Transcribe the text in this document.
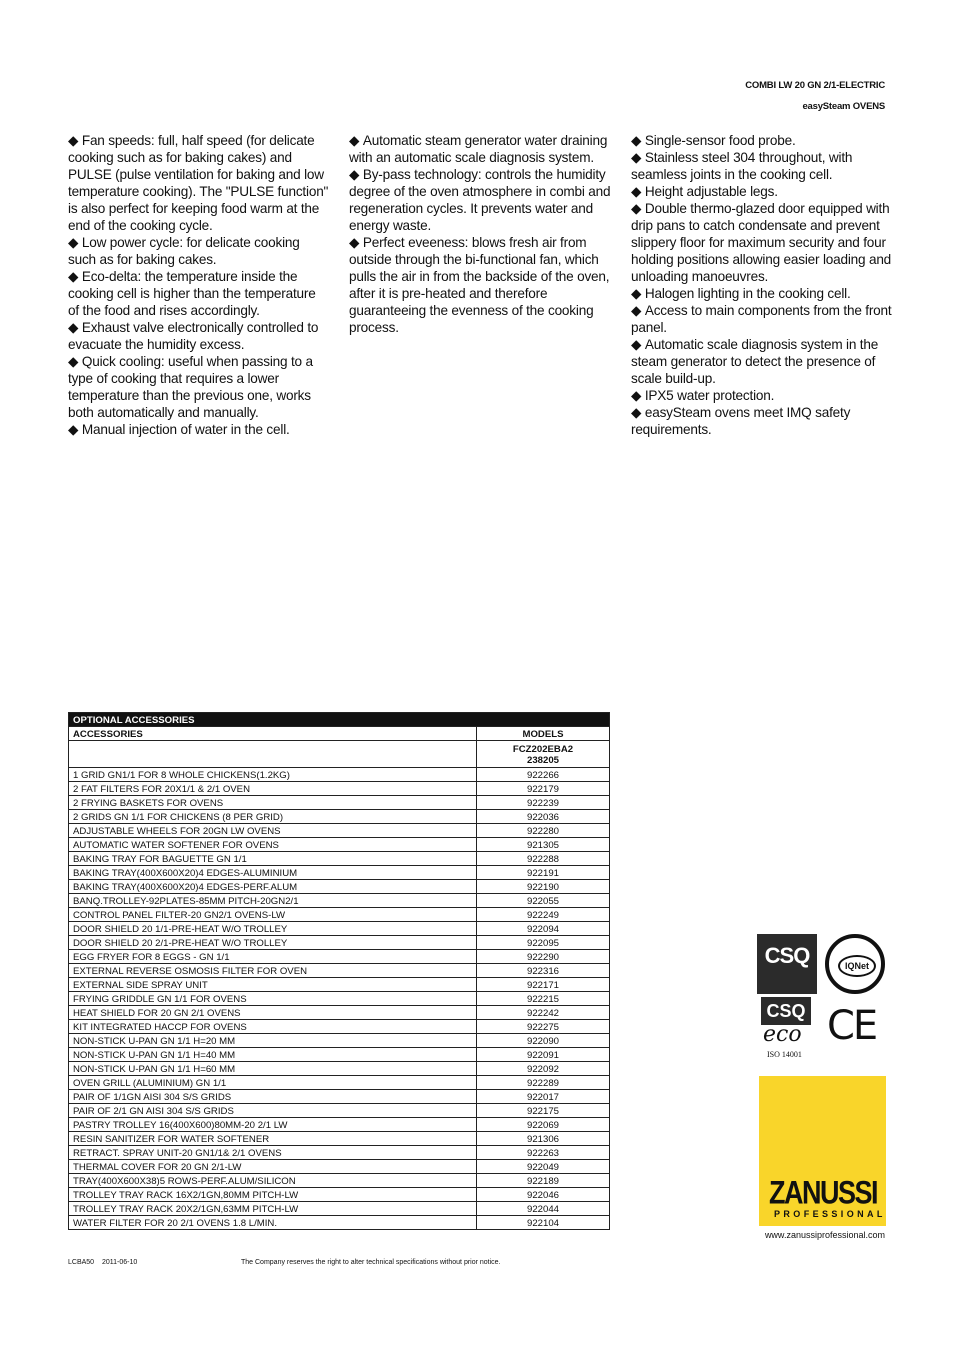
COMBI LW 20 GN 2/1-ELECTRIC
easySteam OVENS

◆ Fan speeds: full, half speed (for delicate cooking such as for baking cakes) and PULSE (pulse ventilation for baking and low temperature cooking). The "PULSE function" is also perfect for keeping food warm at the end of the cooking cycle.

◆ Low power cycle: for delicate cooking such as for baking cakes.

◆ Eco-delta: the temperature inside the cooking cell is higher than the temperature of the food and rises accordingly.

◆ Exhaust valve electronically controlled to evacuate the humidity excess.

◆ Quick cooling: useful when passing to a type of cooking that requires a lower temperature than the previous one, works both automatically and manually.

◆ Manual injection of water in the cell.

◆ Automatic steam generator water draining with an automatic scale diagnosis system.

◆ By-pass technology: controls the humidity degree of the oven atmosphere in combi and regeneration cycles. It prevents water and energy waste.

◆ Perfect eveeness: blows fresh air from outside through the bi-functional fan, which pulls the air in from the backside of the oven, after it is pre-heated and therefore guaranteeing the evenness of the cooking process.

◆ Single-sensor food probe.

◆ Stainless steel 304 throughout, with seamless joints in the cooking cell.

◆ Height adjustable legs.

◆ Double thermo-glazed door equipped with drip pans to catch condensate and prevent slippery floor for maximum security and four holding positions allowing easier loading and unloading manoeuvres.

◆ Halogen lighting in the cooking cell.

◆ Access to main components from the front panel.

◆ Automatic scale diagnosis system in the steam generator to detect the presence of scale build-up.

◆ IPX5 water protection.

◆ easySteam ovens meet IMQ safety requirements.

OPTIONAL ACCESSORIES	
ACCESSORIES	MODELS
	FCZ202EBA2
238205
1 GRID GN1/1 FOR 8 WHOLE CHICKENS(1.2KG)	922266
2 FAT FILTERS FOR 20X1/1 & 2/1 OVEN	922179
2 FRYING BASKETS FOR OVENS	922239
2 GRIDS GN 1/1 FOR CHICKENS (8 PER GRID)	922036
ADJUSTABLE WHEELS FOR 20GN LW OVENS	922280
AUTOMATIC WATER SOFTENER FOR OVENS	921305
BAKING TRAY FOR BAGUETTE GN 1/1	922288
BAKING TRAY(400X600X20)4 EDGES-ALUMINIUM	922191
BAKING TRAY(400X600X20)4 EDGES-PERF.ALUM	922190
BANQ.TROLLEY-92PLATES-85MM PITCH-20GN2/1	922055
CONTROL PANEL FILTER-20 GN2/1 OVENS-LW	922249
DOOR SHIELD 20 1/1-PRE-HEAT W/O TROLLEY	922094
DOOR SHIELD 20 2/1-PRE-HEAT W/O TROLLEY	922095
EGG FRYER FOR 8 EGGS - GN 1/1	922290
EXTERNAL REVERSE OSMOSIS FILTER FOR OVEN	922316
EXTERNAL SIDE SPRAY UNIT	922171
FRYING GRIDDLE GN 1/1 FOR OVENS	922215
HEAT SHIELD FOR 20 GN 2/1 OVENS	922242
KIT INTEGRATED HACCP FOR OVENS	922275
NON-STICK U-PAN GN 1/1 H=20 MM	922090
NON-STICK U-PAN GN 1/1 H=40 MM	922091
NON-STICK U-PAN GN 1/1 H=60 MM	922092
OVEN GRILL (ALUMINIUM) GN 1/1	922289
PAIR OF 1/1GN AISI 304 S/S GRIDS	922017
PAIR OF 2/1 GN AISI 304 S/S GRIDS	922175
PASTRY TROLLEY 16(400X600)80MM-20 2/1 LW	922069
RESIN SANITIZER FOR WATER SOFTENER	921306
RETRACT. SPRAY UNIT-20 GN1/1& 2/1 OVENS	922263
THERMAL COVER FOR 20 GN 2/1-LW	922049
TRAY(400X600X38)5 ROWS-PERF.ALUM/SILICON	922189
TROLLEY TRAY RACK 16X2/1GN,80MM PITCH-LW	922046
TROLLEY TRAY RACK 20X2/1GN,63MM PITCH-LW	922044
WATER FILTER FOR 20 2/1 OVENS 1.8 L/MIN.	922104
CSQ	IQNet
CSQ
eco
ISO 14001
CE
ZANUSSI
PROFESSIONAL
www.zanussiprofessional.com
LCBA50 2011-06-10	The Company reserves the right to alter technical specifications without prior notice.
